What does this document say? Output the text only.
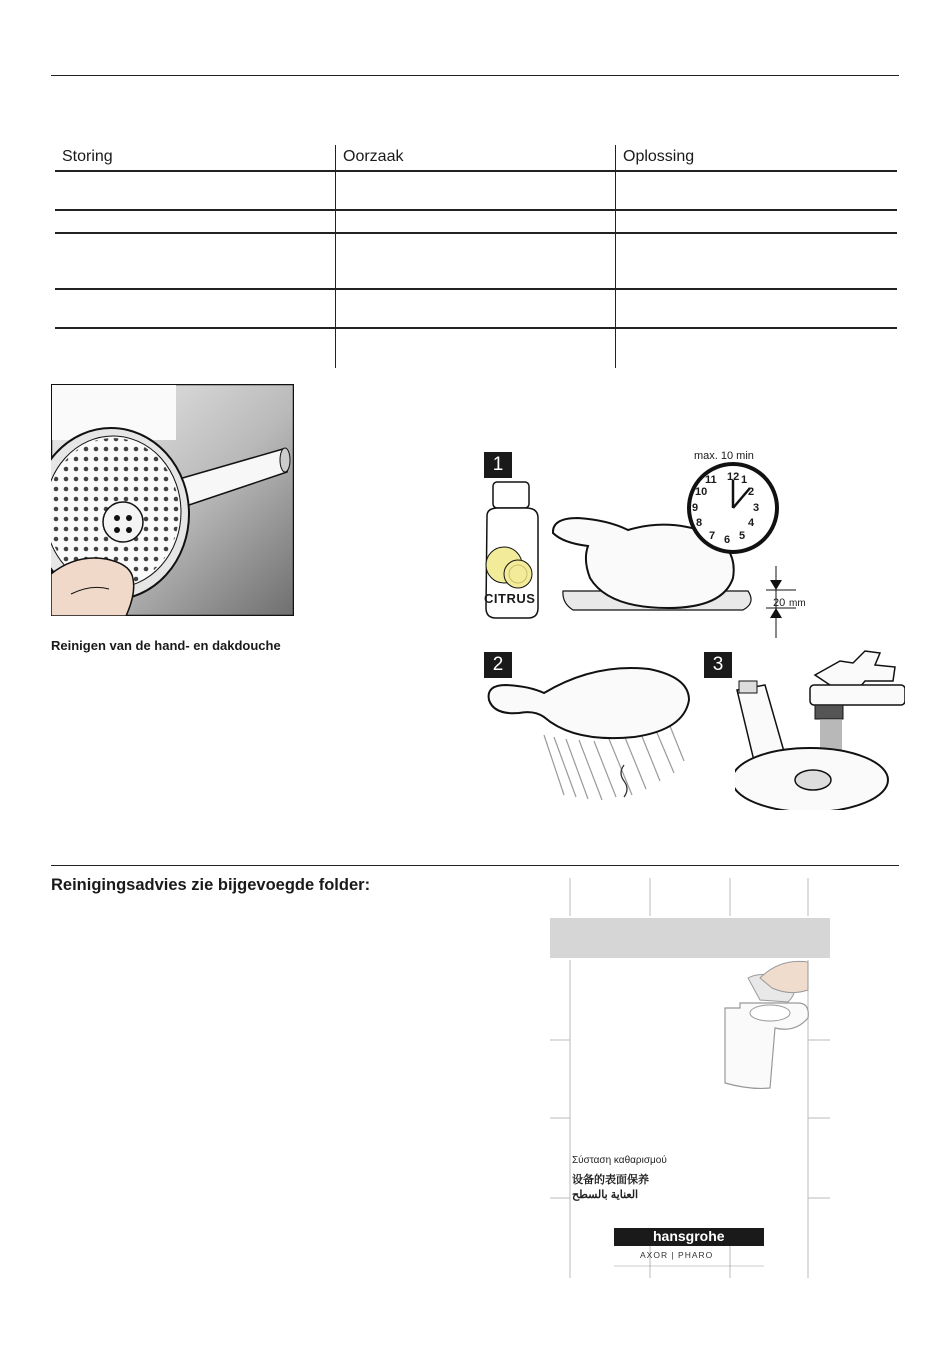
Storing	Oorzaak	Oplossing
Reinigen van de hand- en dakdouche
1
2	3
CITRUS
max. 10 min
12 1
2
3
4
5
6
7
8
9
10
11
20 mm
Reinigingsadvies zie bijgevoegde folder:
Σύσταση καθαρισμού
设备的表面保养
العناية بالسطح
hansgrohe
AXOR | PHARO
